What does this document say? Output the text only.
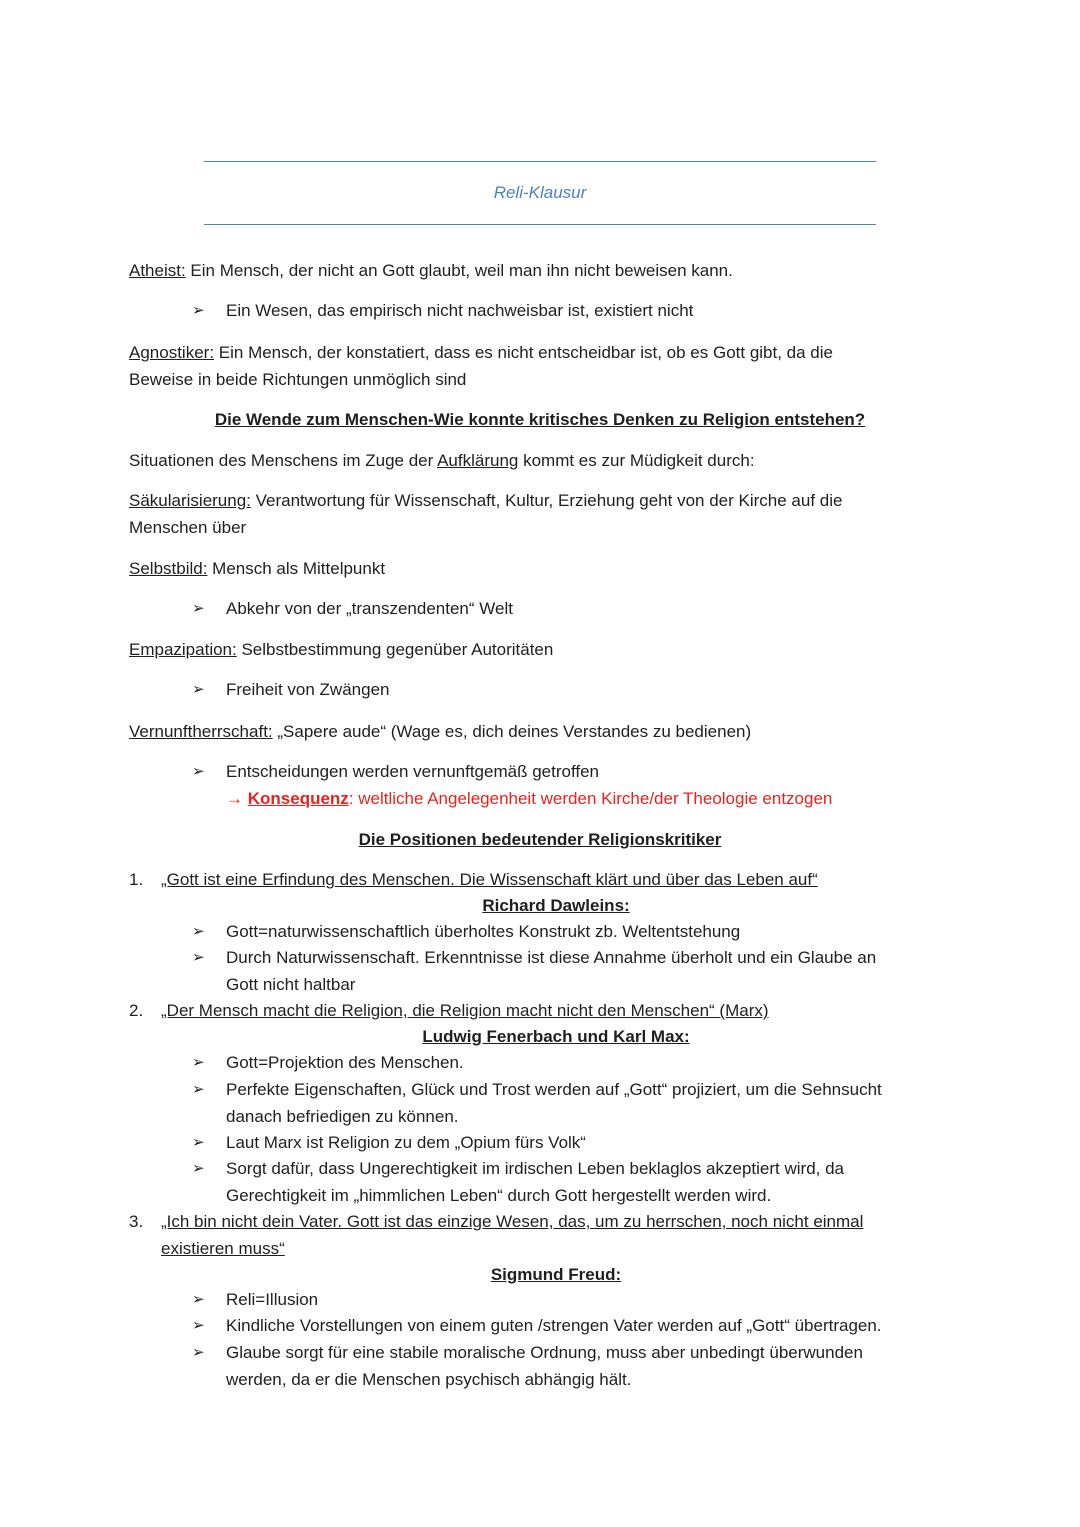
Reli-Klausur
Atheist: Ein Mensch, der nicht an Gott glaubt, weil man ihn nicht beweisen kann.
➢	Ein Wesen, das empirisch nicht nachweisbar ist, existiert nicht
Agnostiker: Ein Mensch, der konstatiert, dass es nicht entscheidbar ist, ob es Gott gibt, da die
Beweise in beide Richtungen unmöglich sind
Die Wende zum Menschen-Wie konnte kritisches Denken zu Religion entstehen?
Situationen des Menschens im Zuge der Aufklärung kommt es zur Müdigkeit durch:
Säkularisierung: Verantwortung für Wissenschaft, Kultur, Erziehung geht von der Kirche auf die
Menschen über
Selbstbild: Mensch als Mittelpunkt
➢	Abkehr von der „transzendenten“ Welt
Empazipation: Selbstbestimmung gegenüber Autoritäten
➢	Freiheit von Zwängen
Vernunftherrschaft: „Sapere aude“ (Wage es, dich deines Verstandes zu bedienen)
➢	Entscheidungen werden vernunftgemäß getroffen
→ Konsequenz: weltliche Angelegenheit werden Kirche/der Theologie entzogen
Die Positionen bedeutender Religionskritiker
1. „Gott ist eine Erfindung des Menschen. Die Wissenschaft klärt und über das Leben auf“
Richard Dawleins:
➢	Gott=naturwissenschaftlich überholtes Konstrukt zb. Weltentstehung
➢	Durch Naturwissenschaft. Erkenntnisse ist diese Annahme überholt und ein Glaube an
Gott nicht haltbar
2. „Der Mensch macht die Religion, die Religion macht nicht den Menschen“ (Marx)
Ludwig Fenerbach und Karl Max:
➢	Gott=Projektion des Menschen.
➢	Perfekte Eigenschaften, Glück und Trost werden auf „Gott“ projiziert, um die Sehnsucht
danach befriedigen zu können.
➢	Laut Marx ist Religion zu dem „Opium fürs Volk“
➢	Sorgt dafür, dass Ungerechtigkeit im irdischen Leben beklaglos akzeptiert wird, da
Gerechtigkeit im „himmlichen Leben“ durch Gott hergestellt werden wird.
3. „Ich bin nicht dein Vater. Gott ist das einzige Wesen, das, um zu herrschen, noch nicht einmal
existieren muss“
Sigmund Freud:
➢	Reli=Illusion
➢	Kindliche Vorstellungen von einem guten /strengen Vater werden auf „Gott“ übertragen.
➢	Glaube sorgt für eine stabile moralische Ordnung, muss aber unbedingt überwunden
werden, da er die Menschen psychisch abhängig hält.
